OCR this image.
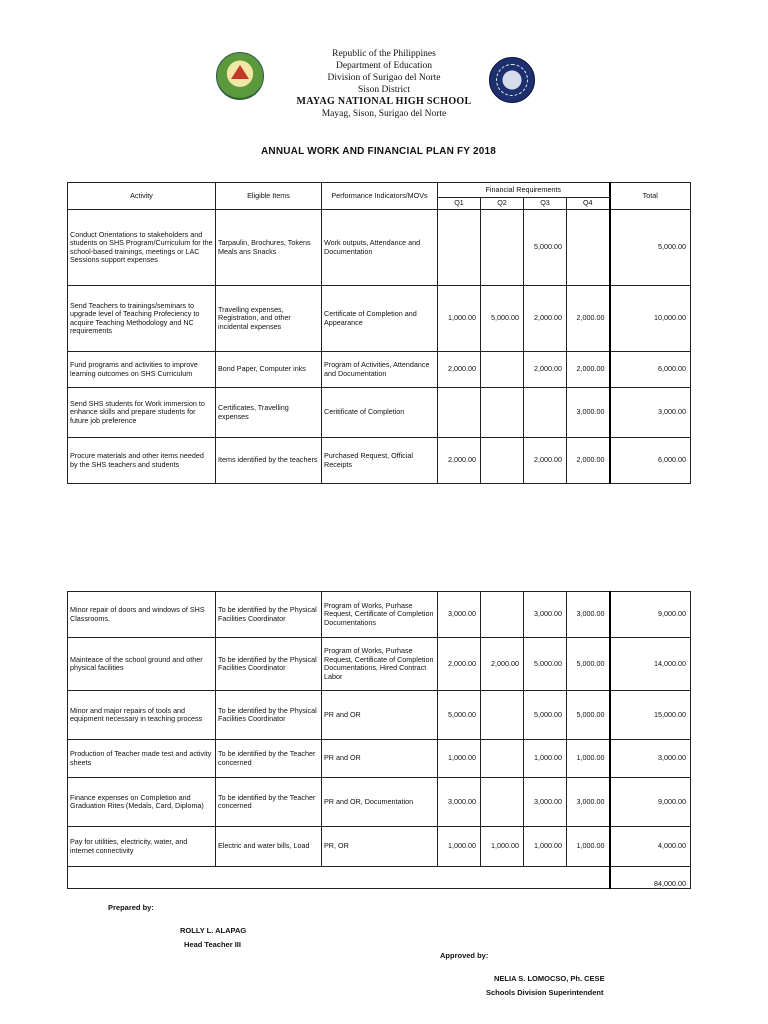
Republic of the Philippines
Department of Education
Division of Surigao del Norte
Sison District
MAYAG NATIONAL HIGH SCHOOL
Mayag, Sison, Surigao del Norte
ANNUAL WORK AND FINANCIAL PLAN FY 2018
Activity	Eligible Items	Performance Indicators/MOVs	Financial Requirements				Total
			Q1	Q2	Q3	Q4	
Conduct Orientations to stakeholders and students on SHS Program/Curriculum for the school-based trainings, meetings or LAC Sessions support expenses	Tarpaulin, Brochures, Tokens Meals ans Snacks	Work outputs, Attendance and Documentation			5,000.00		5,000.00
Send Teachers to trainings/seminars to upgrade level of Teaching Profeciency to acquire Teaching Methodology and NC requirements	Travelling expenses, Registration, and other incidental expenses	Certificate of Completion and Appearance	1,000.00	5,000.00	2,000.00	2,000.00	10,000.00
Fund programs and activities to improve learning outcomes on SHS Curriculum	Bond Paper, Computer inks	Program of Activities, Attendance and Documentation	2,000.00		2,000.00	2,000.00	6,000.00
Send SHS students for Work immersion to enhance skills and prepare students for future job preference	Certificates, Travelling expenses	Ceritificate of Completion				3,000.00	3,000.00
Procure materials and other items needed by the SHS teachers and students	Items identified by the teachers	Purchased Request, Official Receipts	2,000.00		2,000.00	2,000.00	6,000.00
Minor repair of doors and windows of SHS Classrooms.	To be identified by the Physical Facilities Coordinator	Program of Works, Purhase Request, Certificate of Completion Documentations	3,000.00		3,000.00	3,000.00	9,000.00
Mainteace of the school ground and other physical facilities	To be identified by the Physical Facilities Coordinator	Program of Works, Purhase Request, Certificate of Completion Documentations, Hired Contract Labor	2,000.00	2,000.00	5,000.00	5,000.00	14,000.00
Minor and major repairs of tools and equipment necessary in teaching process	To be identified by the Physical Facilities Coordinator	PR and OR	5,000.00		5,000.00	5,000.00	15,000.00
Production of Teacher made test and activity sheets	To be identified by the Teacher concerned	PR and OR	1,000.00		1,000.00	1,000.00	3,000.00
Finance expenses on Completion and Graduation Rites (Medals, Card, Diploma)	To be identified by the Teacher concerned	PR and OR, Documentation	3,000.00		3,000.00	3,000.00	9,000.00
Pay for utilities, electricity, water, and internet connectivity	Electric and water bills, Load	PR, OR	1,000.00	1,000.00	1,000.00	1,000.00	4,000.00
							84,000.00
Prepared by:
ROLLY L. ALAPAG
Head Teacher III
Approved by:
NELIA S. LOMOCSO, Ph. CESE
Schools Division Superintendent
